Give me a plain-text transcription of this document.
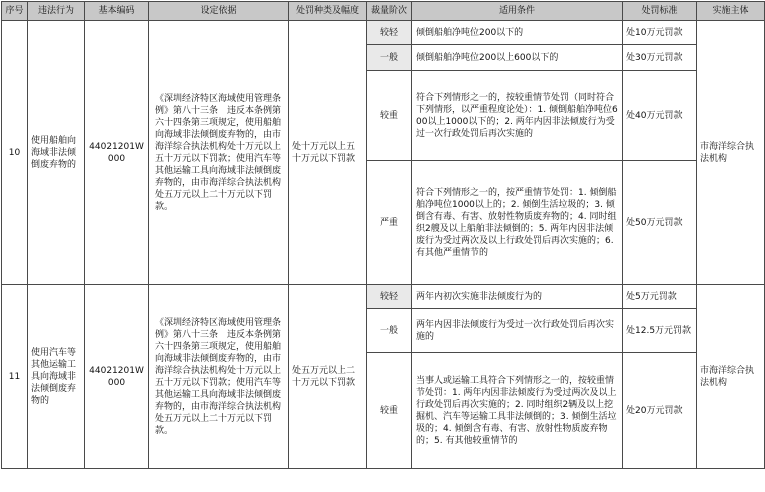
序号	违法行为	基本编码	设定依据	处罚种类及幅度	裁量阶次	适用条件	处罚标准	实施主体
10	使用船舶向海域非法倾倒废弃物的	44021201W000	《深圳经济特区海域使用管理条例》第八十三条　违反本条例第六十四条第三项规定，使用船舶向海域非法倾倒废弃物的，由市海洋综合执法机构处十万元以上五十万元以下罚款；使用汽车等其他运输工具向海域非法倾倒废弃物的，由市海洋综合执法机构处五万元以上二十万元以下罚款。	处十万元以上五十万元以下罚款	较轻	倾倒船舶净吨位200以下的	处10万元罚款	市海洋综合执法机构
					一般	倾倒船舶净吨位200以上600以下的	处30万元罚款	
					较重	符合下列情形之一的，按较重情节处罚（同时符合下列情形，以严重程度论处）：1. 倾倒船舶净吨位600以上1000以下的；2. 两年内因非法倾废行为受过一次行政处罚后再次实施的	处40万元罚款	
					严重	符合下列情形之一的，按严重情节处罚：1. 倾倒船舶净吨位1000以上的；2. 倾倒生活垃圾的；3. 倾倒含有毒、有害、放射性物质废弃物的；4. 同时组织2艘及以上船舶非法倾倒的；5. 两年内因非法倾废行为受过两次及以上行政处罚后再次实施的；6. 有其他严重情节的	处50万元罚款	
11	使用汽车等其他运输工具向海域非法倾倒废弃物的	44021201W000	《深圳经济特区海域使用管理条例》第八十三条　违反本条例第六十四条第三项规定，使用船舶向海域非法倾倒废弃物的，由市海洋综合执法机构处十万元以上五十万元以下罚款；使用汽车等其他运输工具向海域非法倾倒废弃物的，由市海洋综合执法机构处五万元以上二十万元以下罚款。	处五万元以上二十万元以下罚款	较轻	两年内初次实施非法倾废行为的	处5万元罚款	市海洋综合执法机构
					一般	两年内因非法倾废行为受过一次行政处罚后再次实施的	处12.5万元罚款	
					较重	当事人或运输工具符合下列情形之一的，按较重情节处罚：1. 两年内因非法倾废行为受过两次及以上行政处罚后再次实施的；2. 同时组织2辆及以上挖掘机、汽车等运输工具非法倾倒的；3. 倾倒生活垃圾的；4. 倾倒含有毒、有害、放射性物质废弃物的；5. 有其他较重情节的	处20万元罚款	
